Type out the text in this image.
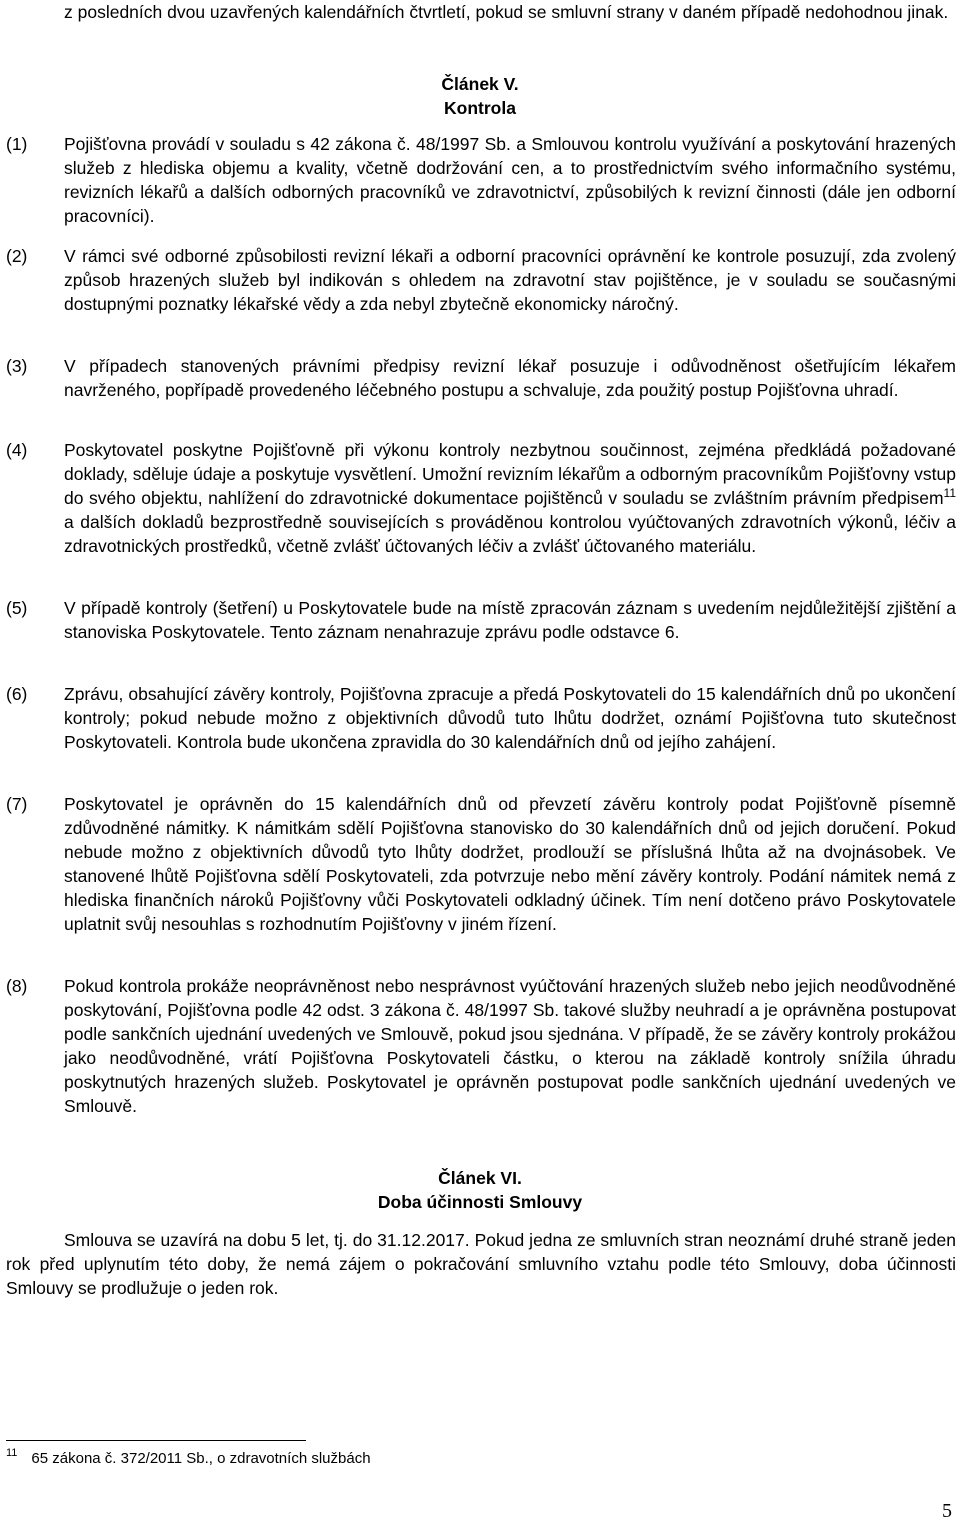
z posledních dvou uzavřených kalendářních čtvrtletí, pokud se smluvní strany v daném případě nedohodnou jinak.
Článek V.
Kontrola
(1) Pojišťovna provádí v souladu s 42 zákona č. 48/1997 Sb. a Smlouvou kontrolu využívání a poskytování hrazených služeb z hlediska objemu a kvality, včetně dodržování cen, a to prostřednictvím svého informačního systému, revizních lékařů a dalších odborných pracovníků ve zdravotnictví, způsobilých k revizní činnosti (dále jen odborní pracovníci).
(2) V rámci své odborné způsobilosti revizní lékaři a odborní pracovníci oprávnění ke kontrole posuzují, zda zvolený způsob hrazených služeb byl indikován s ohledem na zdravotní stav pojištěnce, je v souladu se současnými dostupnými poznatky lékařské vědy a zda nebyl zbytečně ekonomicky náročný.
(3) V případech stanovených právními předpisy revizní lékař posuzuje i odůvodněnost ošetřujícím lékařem navrženého, popřípadě provedeného léčebného postupu a schvaluje, zda použitý postup Pojišťovna uhradí.
(4) Poskytovatel poskytne Pojišťovně při výkonu kontroly nezbytnou součinnost, zejména předkládá požadované doklady, sděluje údaje a poskytuje vysvětlení. Umožní revizním lékařům a odborným pracovníkům Pojišťovny vstup do svého objektu, nahlížení do zdravotnické dokumentace pojištěnců v souladu se zvláštním právním předpisem$^{11}$ a dalších dokladů bezprostředně souvisejících s prováděnou kontrolou vyúčtovaných zdravotních výkonů, léčiv a zdravotnických prostředků, včetně zvlášť účtovaných léčiv a zvlášť účtovaného materiálu.
(5) V případě kontroly (šetření) u Poskytovatele bude na místě zpracován záznam s uvedením nejdůležitější zjištění a stanoviska Poskytovatele. Tento záznam nenahrazuje zprávu podle odstavce 6.
(6) Zprávu, obsahující závěry kontroly, Pojišťovna zpracuje a předá Poskytovateli do 15 kalendářních dnů po ukončení kontroly; pokud nebude možno z objektivních důvodů tuto lhůtu dodržet, oznámí Pojišťovna tuto skutečnost Poskytovateli. Kontrola bude ukončena zpravidla do 30 kalendářních dnů od jejího zahájení.
(7) Poskytovatel je oprávněn do 15 kalendářních dnů od převzetí závěru kontroly podat Pojišťovně písemně zdůvodněné námitky. K námitkám sdělí Pojišťovna stanovisko do 30 kalendářních dnů od jejich doručení. Pokud nebude možno z objektivních důvodů tyto lhůty dodržet, prodlouží se příslušná lhůta až na dvojnásobek. Ve stanovené lhůtě Pojišťovna sdělí Poskytovateli, zda potvrzuje nebo mění závěry kontroly. Podání námitek nemá z hlediska finančních nároků Pojišťovny vůči Poskytovateli odkladný účinek. Tím není dotčeno právo Poskytovatele uplatnit svůj nesouhlas s rozhodnutím Pojišťovny v jiném řízení.
(8) Pokud kontrola prokáže neoprávněnost nebo nesprávnost vyúčtování hrazených služeb nebo jejich neodůvodněné poskytování, Pojišťovna podle 42 odst. 3 zákona č. 48/1997 Sb. takové služby neuhradí a je oprávněna postupovat podle sankčních ujednání uvedených ve Smlouvě, pokud jsou sjednána. V případě, že se závěry kontroly prokážou jako neodůvodněné, vrátí Pojišťovna Poskytovateli částku, o kterou na základě kontroly snížila úhradu poskytnutých hrazených služeb. Poskytovatel je oprávněn postupovat podle sankčních ujednání uvedených ve Smlouvě.
Článek VI.
Doba účinnosti Smlouvy
Smlouva se uzavírá na dobu 5 let, tj. do 31.12.2017. Pokud jedna ze smluvních stran neoznámí druhé straně jeden rok před uplynutím této doby, že nemá zájem o pokračování smluvního vztahu podle této Smlouvy, doba účinnosti Smlouvy se prodlužuje o jeden rok.
$^{11}$ 65 zákona č. 372/2011 Sb., o zdravotních službách
5
